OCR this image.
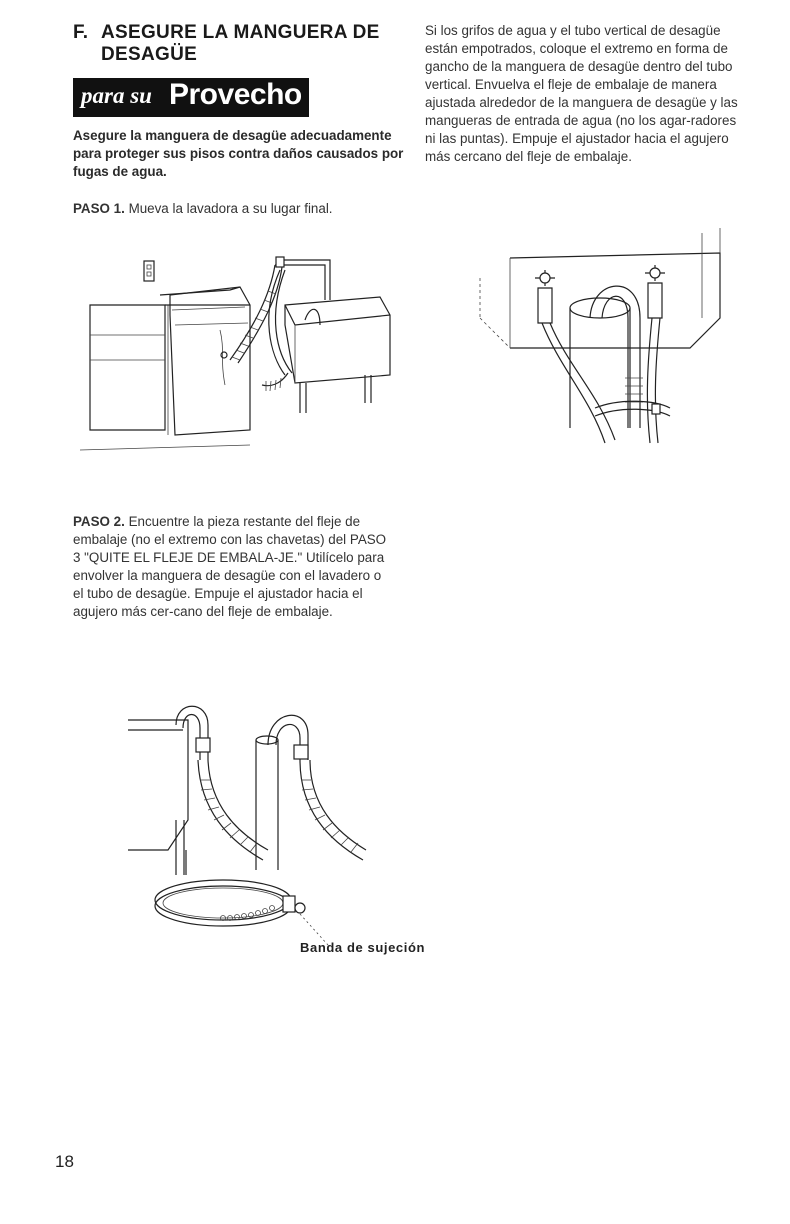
F. ASEGURE LA MANGUERA DE
DESAGÜE
para su Provecho
Asegure la manguera de desagüe adecuadamente para proteger sus pisos contra daños causados por fugas de agua.
PASO 1. Mueva la lavadora a su lugar final.
Si los grifos de agua y el tubo vertical de desagüe están empotrados, coloque el extremo en forma de gancho de la manguera de desagüe dentro del tubo vertical. Envuelva el fleje de embalaje de manera ajustada alrededor de la manguera de desagüe y las mangueras de entrada de agua (no los agar-radores ni las puntas). Empuje el ajustador hacia el agujero más cercano del fleje de embalaje.
PASO 2. Encuentre la pieza restante del fleje de embalaje (no el extremo con las chavetas) del PASO 3 "QUITE EL FLEJE DE EMBALA-JE." Utilícelo para envolver la manguera de desagüe con el lavadero o el tubo de desagüe. Empuje el ajustador hacia el agujero más cer-cano del fleje de embalaje.
Banda de sujeción
18
